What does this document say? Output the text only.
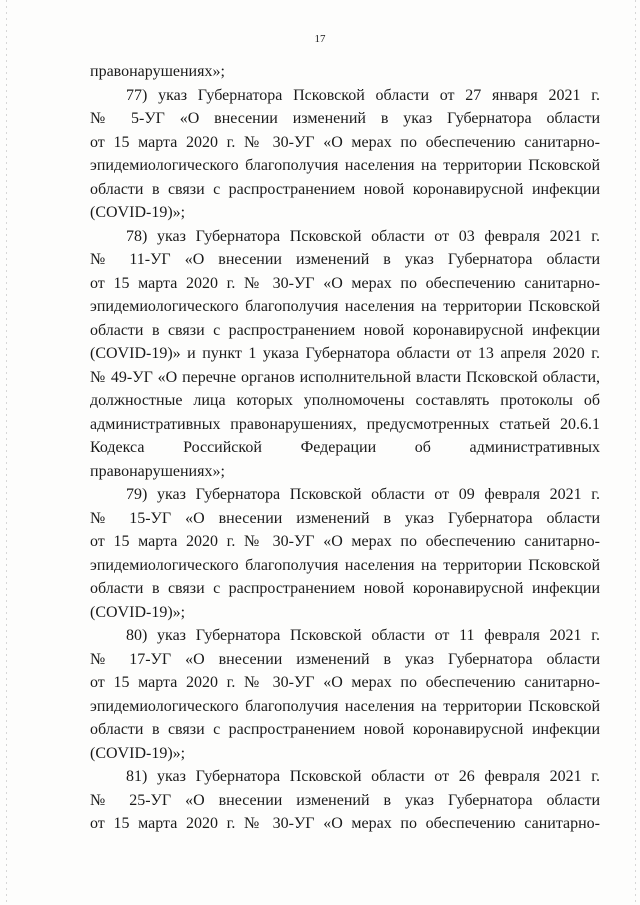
17
правонарушениях»;
77) указ Губернатора Псковской области от 27 января 2021 г.
№ 5-УГ «О внесении изменений в указ Губернатора области
от 15 марта 2020 г. № 30-УГ «О мерах по обеспечению санитарно-
эпидемиологического благополучия населения на территории Псковской
области в связи с распространением новой коронавирусной инфекции
(COVID-19)»;
78) указ Губернатора Псковской области от 03 февраля 2021 г.
№ 11-УГ «О внесении изменений в указ Губернатора области
от 15 марта 2020 г. № 30-УГ «О мерах по обеспечению санитарно-
эпидемиологического благополучия населения на территории Псковской
области в связи с распространением новой коронавирусной инфекции
(COVID-19)» и пункт 1 указа Губернатора области от 13 апреля 2020 г.
№ 49-УГ «О перечне органов исполнительной власти Псковской области,
должностные лица которых уполномочены составлять протоколы об
административных правонарушениях, предусмотренных статьей 20.6.1
Кодекса Российской Федерации об административных
правонарушениях»;
79) указ Губернатора Псковской области от 09 февраля 2021 г.
№ 15-УГ «О внесении изменений в указ Губернатора области
от 15 марта 2020 г. № 30-УГ «О мерах по обеспечению санитарно-
эпидемиологического благополучия населения на территории Псковской
области в связи с распространением новой коронавирусной инфекции
(COVID-19)»;
80) указ Губернатора Псковской области от 11 февраля 2021 г.
№ 17-УГ «О внесении изменений в указ Губернатора области
от 15 марта 2020 г. № 30-УГ «О мерах по обеспечению санитарно-
эпидемиологического благополучия населения на территории Псковской
области в связи с распространением новой коронавирусной инфекции
(COVID-19)»;
81) указ Губернатора Псковской области от 26 февраля 2021 г.
№ 25-УГ «О внесении изменений в указ Губернатора области
от 15 марта 2020 г. № 30-УГ «О мерах по обеспечению санитарно-
